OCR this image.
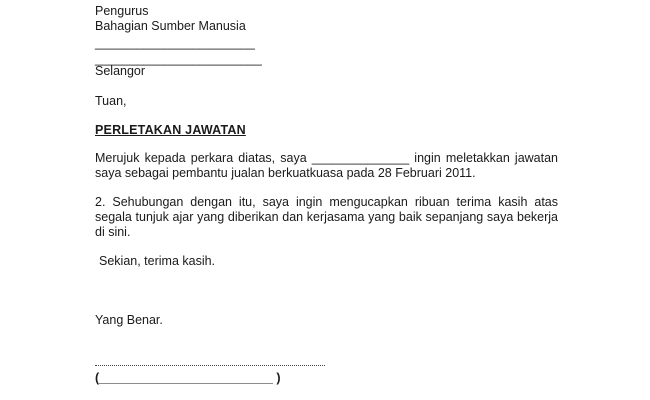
Pengurus
Bahagian Sumber Manusia
_______________________
________________________
Selangor
Tuan,
PERLETAKAN JAWATAN
Merujuk kepada perkara diatas, saya ______________ ingin meletakkan jawatan saya sebagai pembantu jualan berkuatkuasa pada 28 Februari 2011.
2. Sehubungan dengan itu, saya ingin mengucapkan ribuan terima kasih atas segala tunjuk ajar yang diberikan dan kerjasama yang baik sepanjang saya bekerja di sini.
Sekian, terima kasih.
Yang Benar.
(_________________________ )
